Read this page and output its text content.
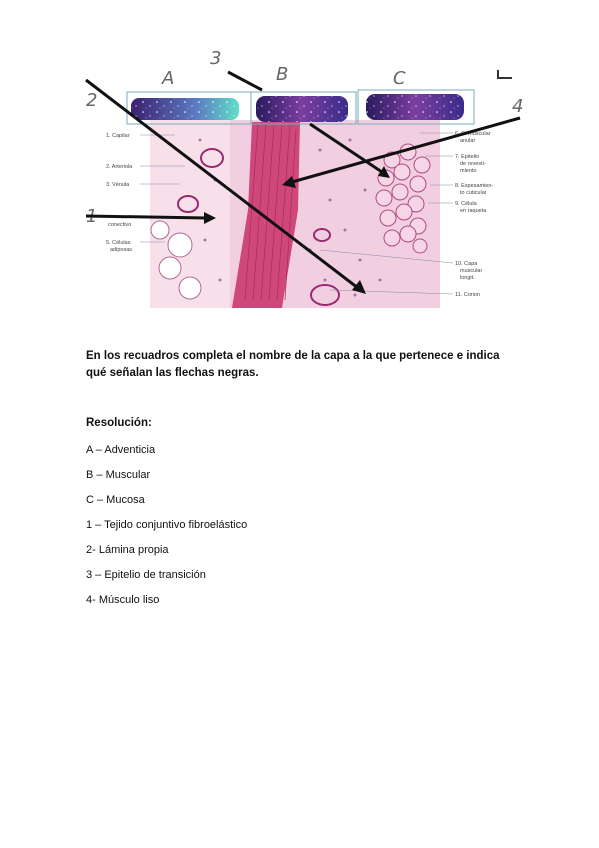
1. Capilar
2. Arteriola
3. Vénula
conectivo
5. Células
adiposas
6. C. muscular
anular
7. Epitelio
de revesti-
miento
8. Espesamien-
to cuticular
9. Célula
en raqueta
10. Capa
muscular
longit.
11. Corion
A	B	C
2
3
4
En los recuadros completa el nombre de la capa a la que pertenece e indica
qué señalan las flechas negras.
Resolución:
A – Adventicia
B – Muscular
C – Mucosa
1 – Tejido conjuntivo fibroelástico
2- Lámina propia
3 – Epitelio de transición
4- Músculo liso
